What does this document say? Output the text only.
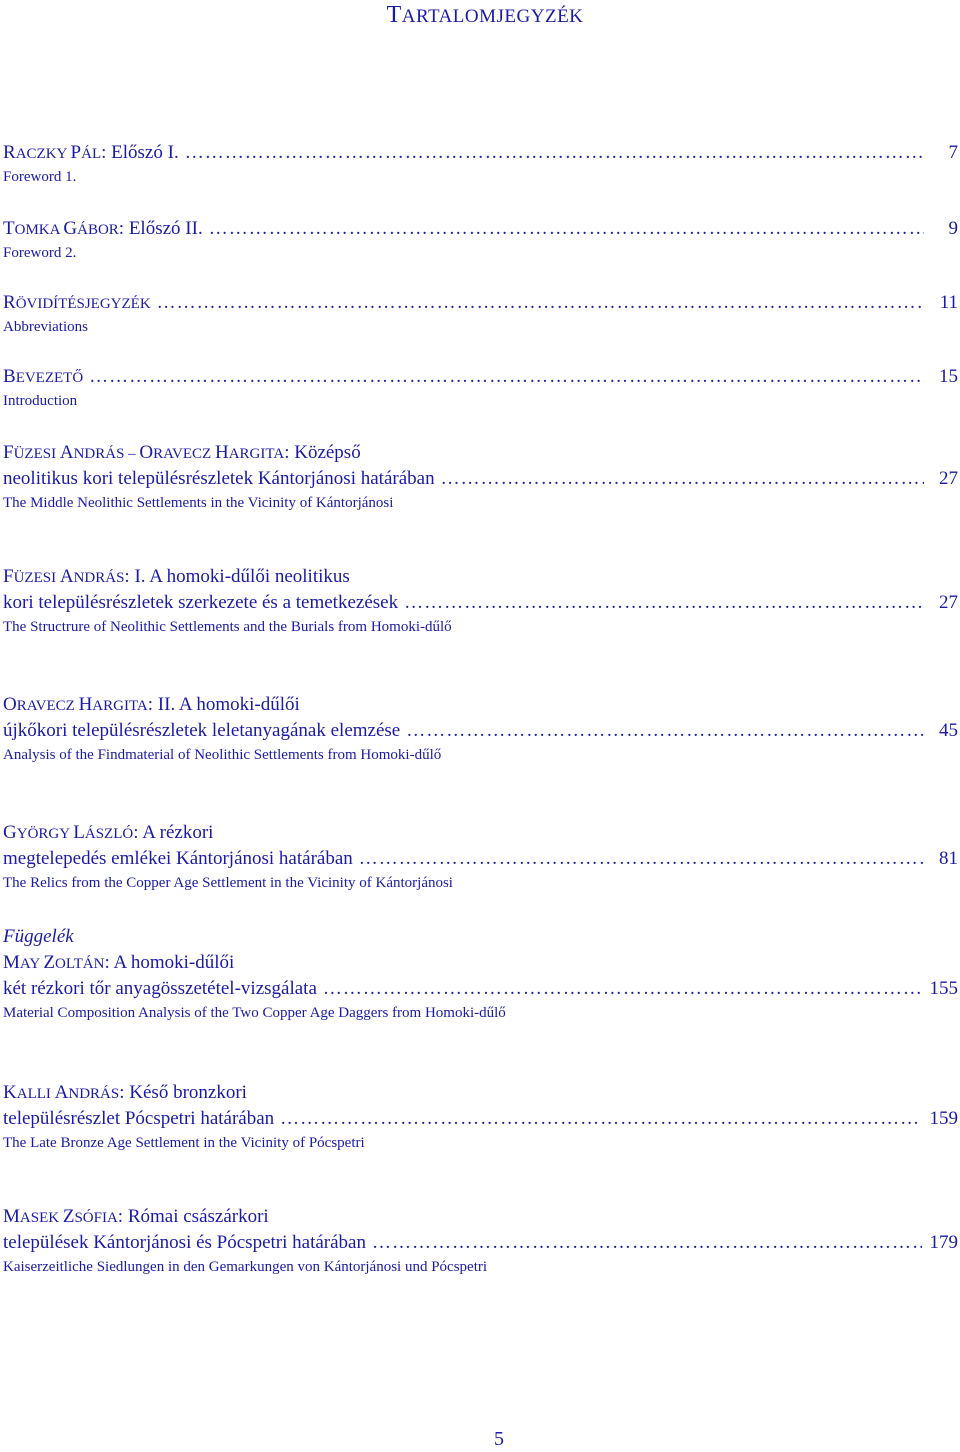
TARTALOMJEGYZÉK
RACZKY PÁL: Előszó I. …………………………………………………………………………………………………………………………………………………………………………………………………………………………	7
Foreword 1.
TOMKA GÁBOR: Előszó II. …………………………………………………………………………………………………………………………………………………………………………………………………………………………	9
Foreword 2.
RÖVIDÍTÉSJEGYZÉK …………………………………………………………………………………………………………………………………………………………………………………………………………………………	11
Abbreviations
BEVEZETŐ …………………………………………………………………………………………………………………………………………………………………………………………………………………………	15
Introduction
FÜZESI ANDRÁS – ORAVECZ HARGITA: Középső
neolitikus kori településrészletek Kántorjánosi határában …………………………………………………………………………………………………………………………………………………………………………………………………………………………	27
The Middle Neolithic Settlements in the Vicinity of Kántorjánosi
FÜZESI ANDRÁS: I. A homoki-dűlői neolitikus
kori településrészletek szerkezete és a temetkezések …………………………………………………………………………………………………………………………………………………………………………………………………………………………	27
The Structrure of Neolithic Settlements and the Burials from Homoki-dűlő
ORAVECZ HARGITA: II. A homoki-dűlői
újkőkori településrészletek leletanyagának elemzése …………………………………………………………………………………………………………………………………………………………………………………………………………………………	45
Analysis of the Findmaterial of Neolithic Settlements from Homoki-dűlő
GYÖRGY LÁSZLÓ: A rézkori
megtelepedés emlékei Kántorjánosi határában …………………………………………………………………………………………………………………………………………………………………………………………………………………………	81
The Relics from the Copper Age Settlement in the Vicinity of Kántorjánosi
Függelék
MAY ZOLTÁN: A homoki-dűlői
két rézkori tőr anyagösszetétel-vizsgálata …………………………………………………………………………………………………………………………………………………………………………………………………………………………	155
Material Composition Analysis of the Two Copper Age Daggers from Homoki-dűlő
KALLI ANDRÁS: Késő bronzkori
településrészlet Pócspetri határában …………………………………………………………………………………………………………………………………………………………………………………………………………………………	159
The Late Bronze Age Settlement in the Vicinity of Pócspetri
MASEK ZSÓFIA: Római császárkori
települések Kántorjánosi és Pócspetri határában …………………………………………………………………………………………………………………………………………………………………………………………………………………………	179
Kaiserzeitliche Siedlungen in den Gemarkungen von Kántorjánosi und Pócspetri
5
